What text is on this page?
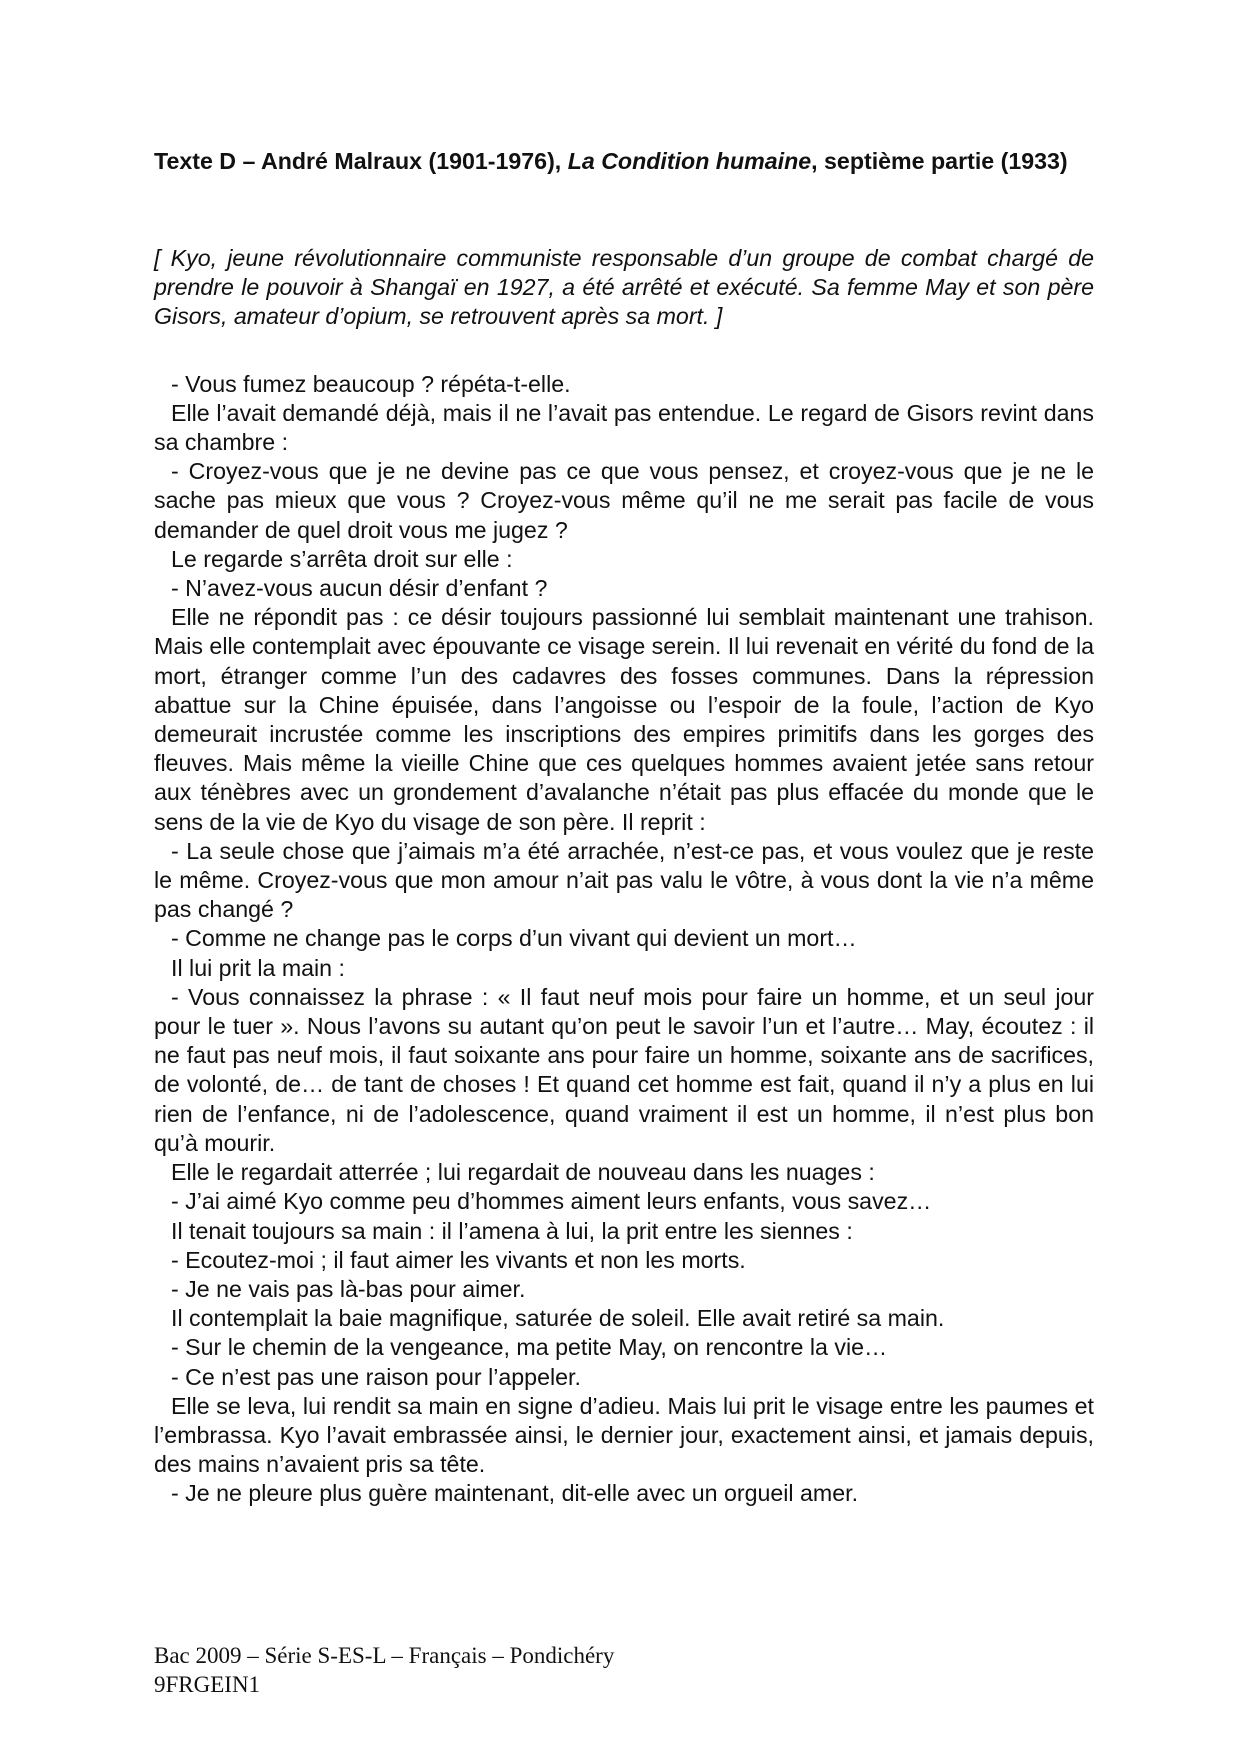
Texte D – André Malraux (1901-1976), La Condition humaine, septième partie (1933)

[ Kyo, jeune révolutionnaire communiste responsable d’un groupe de combat chargé de prendre le pouvoir à Shangaï en 1927, a été arrêté et exécuté. Sa femme May et son père Gisors, amateur d’opium, se retrouvent après sa mort. ]

- Vous fumez beaucoup ? répéta-t-elle.

Elle l’avait demandé déjà, mais il ne l’avait pas entendue. Le regard de Gisors revint dans sa chambre :

- Croyez-vous que je ne devine pas ce que vous pensez, et croyez-vous que je ne le sache pas mieux que vous ? Croyez-vous même qu’il ne me serait pas facile de vous demander de quel droit vous me jugez ?

Le regarde s’arrêta droit sur elle :

- N’avez-vous aucun désir d’enfant ?

Elle ne répondit pas : ce désir toujours passionné lui semblait maintenant une trahison. Mais elle contemplait avec épouvante ce visage serein. Il lui revenait en vérité du fond de la mort, étranger comme l’un des cadavres des fosses communes. Dans la répression abattue sur la Chine épuisée, dans l’angoisse ou l’espoir de la foule, l’action de Kyo demeurait incrustée comme les inscriptions des empires primitifs dans les gorges des fleuves. Mais même la vieille Chine que ces quelques hommes avaient jetée sans retour aux ténèbres avec un grondement d’avalanche n’était pas plus effacée du monde que le sens de la vie de Kyo du visage de son père. Il reprit :

- La seule chose que j’aimais m’a été arrachée, n’est-ce pas, et vous voulez que je reste le même. Croyez-vous que mon amour n’ait pas valu le vôtre, à vous dont la vie n’a même pas changé ?

- Comme ne change pas le corps d’un vivant qui devient un mort…

Il lui prit la main :

- Vous connaissez la phrase : « Il faut neuf mois pour faire un homme, et un seul jour pour le tuer ». Nous l’avons su autant qu’on peut le savoir l’un et l’autre… May, écoutez : il ne faut pas neuf mois, il faut soixante ans pour faire un homme, soixante ans de sacrifices, de volonté, de… de tant de choses ! Et quand cet homme est fait, quand il n’y a plus en lui rien de l’enfance, ni de l’adolescence, quand vraiment il est un homme, il n’est plus bon qu’à mourir.

Elle le regardait atterrée ; lui regardait de nouveau dans les nuages :

- J’ai aimé Kyo comme peu d’hommes aiment leurs enfants, vous savez…

Il tenait toujours sa main : il l’amena à lui, la prit entre les siennes :

- Ecoutez-moi ; il faut aimer les vivants et non les morts.

- Je ne vais pas là-bas pour aimer.

Il contemplait la baie magnifique, saturée de soleil. Elle avait retiré sa main.

- Sur le chemin de la vengeance, ma petite May, on rencontre la vie…

- Ce n’est pas une raison pour l’appeler.

Elle se leva, lui rendit sa main en signe d’adieu. Mais lui prit le visage entre les paumes et l’embrassa. Kyo l’avait embrassée ainsi, le dernier jour, exactement ainsi, et jamais depuis, des mains n’avaient pris sa tête.

- Je ne pleure plus guère maintenant, dit-elle avec un orgueil amer.

Bac 2009 – Série S-ES-L – Français – Pondichéry
9FRGEIN1
